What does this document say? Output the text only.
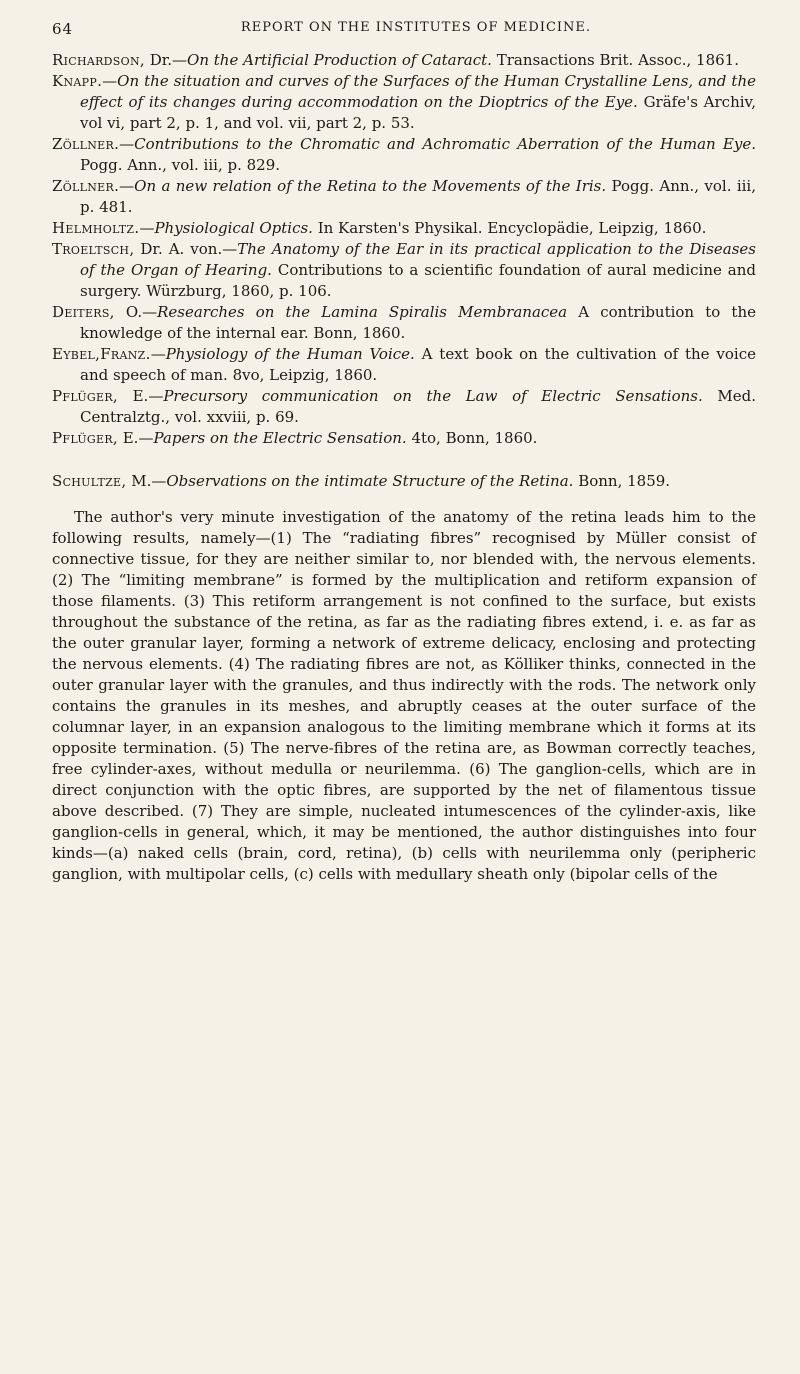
64	REPORT ON THE INSTITUTES OF MEDICINE.
Richardson, Dr.—On the Artificial Production of Cataract. Transactions Brit. Assoc., 1861.
Knapp.—On the situation and curves of the Surfaces of the Human Crystalline Lens, and the effect of its changes during accommodation on the Dioptrics of the Eye. Gräfe's Archiv, vol vi, part 2, p. 1, and vol. vii, part 2, p. 53.
Zöllner.—Contributions to the Chromatic and Achromatic Aberration of the Human Eye. Pogg. Ann., vol. iii, p. 829.
Zöllner.—On a new relation of the Retina to the Movements of the Iris. Pogg. Ann., vol. iii, p. 481.
Helmholtz.—Physiological Optics. In Karsten's Physikal. Encyclopädie, Leipzig, 1860.
Troeltsch, Dr. A. von.—The Anatomy of the Ear in its practical application to the Diseases of the Organ of Hearing. Contributions to a scientific foundation of aural medicine and surgery. Würzburg, 1860, p. 106.
Deiters, O.—Researches on the Lamina Spiralis Membranacea A contribution to the knowledge of the internal ear. Bonn, 1860.
Eybel,Franz.—Physiology of the Human Voice. A text book on the cultivation of the voice and speech of man. 8vo, Leipzig, 1860.
Pflüger, E.—Precursory communication on the Law of Electric Sensations. Med. Centralztg., vol. xxviii, p. 69.
Pflüger, E.—Papers on the Electric Sensation. 4to, Bonn, 1860.
Schultze, M.—Observations on the intimate Structure of the Retina. Bonn, 1859.

The author's very minute investigation of the anatomy of the retina leads him to the following results, namely—(1) The “radiating fibres” recognised by Müller consist of connective tissue, for they are neither similar to, nor blended with, the nervous elements. (2) The “limiting membrane” is formed by the multiplication and retiform expansion of those filaments. (3) This retiform arrangement is not confined to the surface, but exists throughout the substance of the retina, as far as the radiating fibres extend, i. e. as far as the outer granular layer, forming a network of extreme delicacy, enclosing and protecting the nervous elements. (4) The radiating fibres are not, as Kölliker thinks, connected in the outer granular layer with the granules, and thus indirectly with the rods. The network only contains the granules in its meshes, and abruptly ceases at the outer surface of the columnar layer, in an expansion analogous to the limiting membrane which it forms at its opposite termination. (5) The nerve-fibres of the retina are, as Bowman correctly teaches, free cylinder-axes, without medulla or neurilemma. (6) The ganglion-cells, which are in direct conjunction with the optic fibres, are supported by the net of filamentous tissue above described. (7) They are simple, nucleated intumescences of the cylinder-axis, like ganglion-cells in general, which, it may be mentioned, the author distinguishes into four kinds—(a) naked cells (brain, cord, retina), (b) cells with neurilemma only (peripheric ganglion, with multipolar cells, (c) cells with medullary sheath only (bipolar cells of the
